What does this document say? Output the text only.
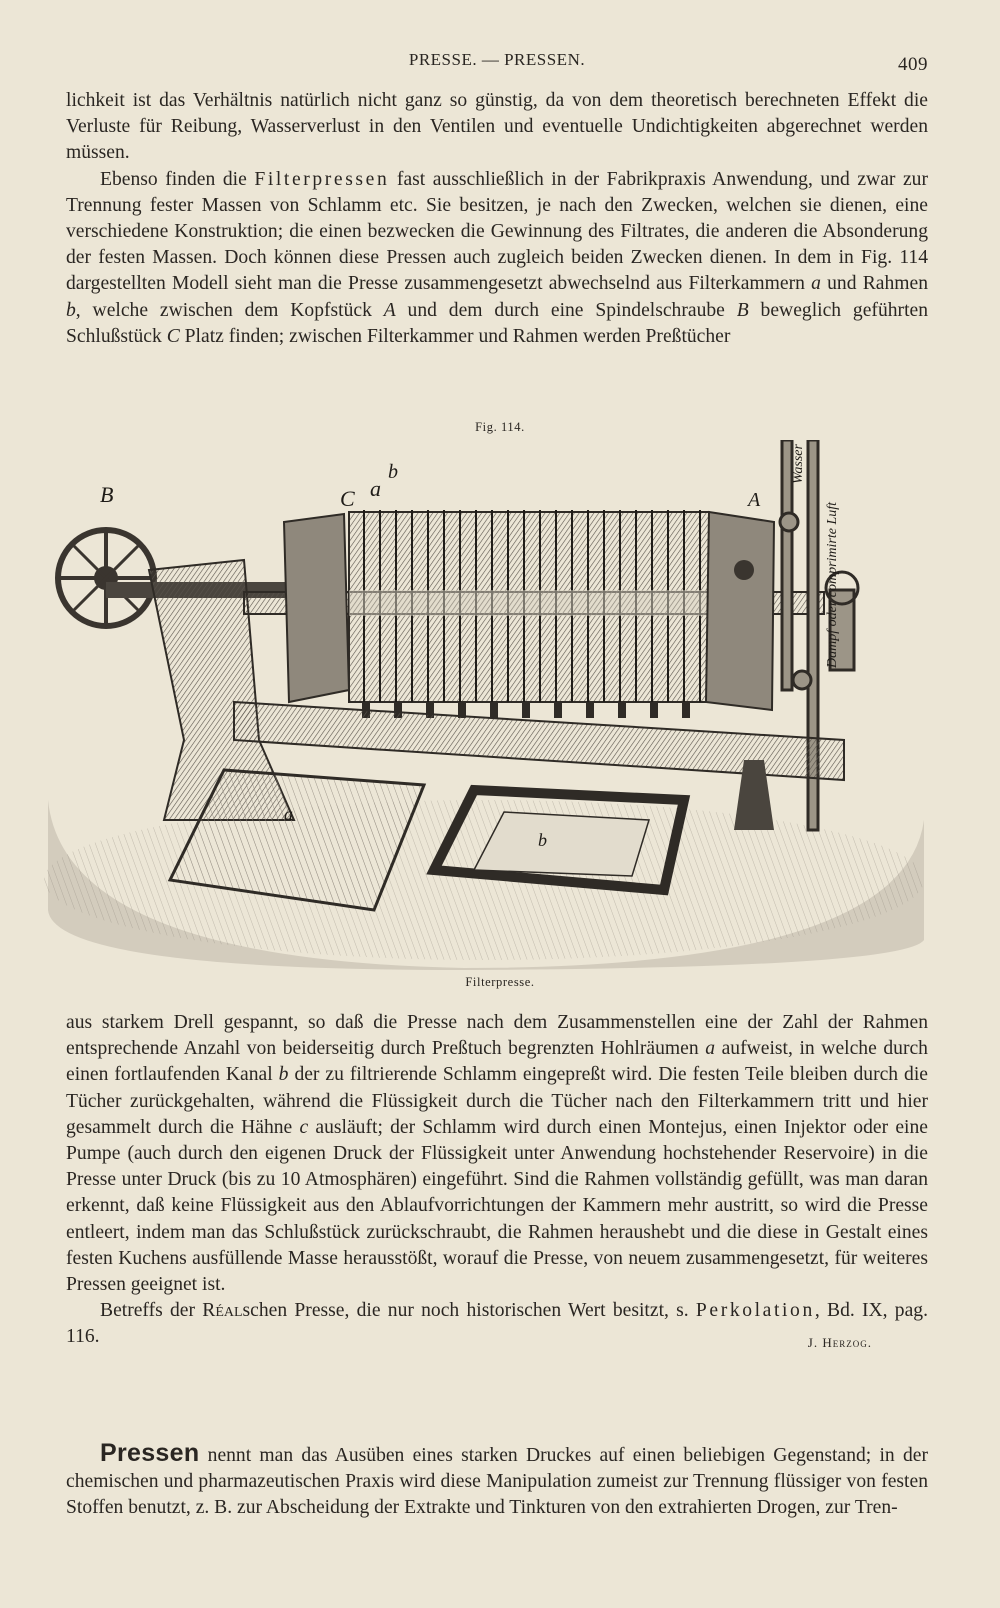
PRESSE. — PRESSEN.	409

lichkeit ist das Verhältnis natürlich nicht ganz so günstig, da von dem theoretisch berechneten Effekt die Verluste für Reibung, Wasserverlust in den Ventilen und eventuelle Undichtigkeiten abgerechnet werden müssen.

Ebenso finden die Filterpressen fast ausschließlich in der Fabrikpraxis Anwendung, und zwar zur Trennung fester Massen von Schlamm etc. Sie besitzen, je nach den Zwecken, welchen sie dienen, eine verschiedene Konstruktion; die einen bezwecken die Gewinnung des Filtrates, die anderen die Absonderung der festen Massen. Doch können diese Pressen auch zugleich beiden Zwecken dienen. In dem in Fig. 114 dargestellten Modell sieht man die Presse zusammengesetzt abwechselnd aus Filterkammern a und Rahmen b, welche zwischen dem Kopfstück A und dem durch eine Spindelschraube B beweglich geführten Schlußstück C Platz finden; zwischen Filterkammer und Rahmen werden Preßtücher

Fig. 114.
B	C a
b
A
a
b
Wasser
Dampf oder comprimirte Luft
Filterpresse.

aus starkem Drell gespannt, so daß die Presse nach dem Zusammenstellen eine der Zahl der Rahmen entsprechende Anzahl von beiderseitig durch Preßtuch begrenzten Hohlräumen a aufweist, in welche durch einen fortlaufenden Kanal b der zu filtrierende Schlamm eingepreßt wird. Die festen Teile bleiben durch die Tücher zurückgehalten, während die Flüssigkeit durch die Tücher nach den Filterkammern tritt und hier gesammelt durch die Hähne c ausläuft; der Schlamm wird durch einen Montejus, einen Injektor oder eine Pumpe (auch durch den eigenen Druck der Flüssigkeit unter Anwendung hochstehender Reservoire) in die Presse unter Druck (bis zu 10 Atmosphären) eingeführt. Sind die Rahmen vollständig gefüllt, was man daran erkennt, daß keine Flüssigkeit aus den Ablaufvorrichtungen der Kammern mehr austritt, so wird die Presse entleert, indem man das Schlußstück zurückschraubt, die Rahmen heraushebt und die diese in Gestalt eines festen Kuchens ausfüllende Masse herausstößt, worauf die Presse, von neuem zusammengesetzt, für weiteres Pressen geeignet ist.

Betreffs der Réalschen Presse, die nur noch historischen Wert besitzt, s. Perkolation, Bd. IX, pag. 116.	J. Herzog.

Pressen nennt man das Ausüben eines starken Druckes auf einen beliebigen Gegenstand; in der chemischen und pharmazeutischen Praxis wird diese Manipulation zumeist zur Trennung flüssiger von festen Stoffen benutzt, z. B. zur Abscheidung der Extrakte und Tinkturen von den extrahierten Drogen, zur Tren-
